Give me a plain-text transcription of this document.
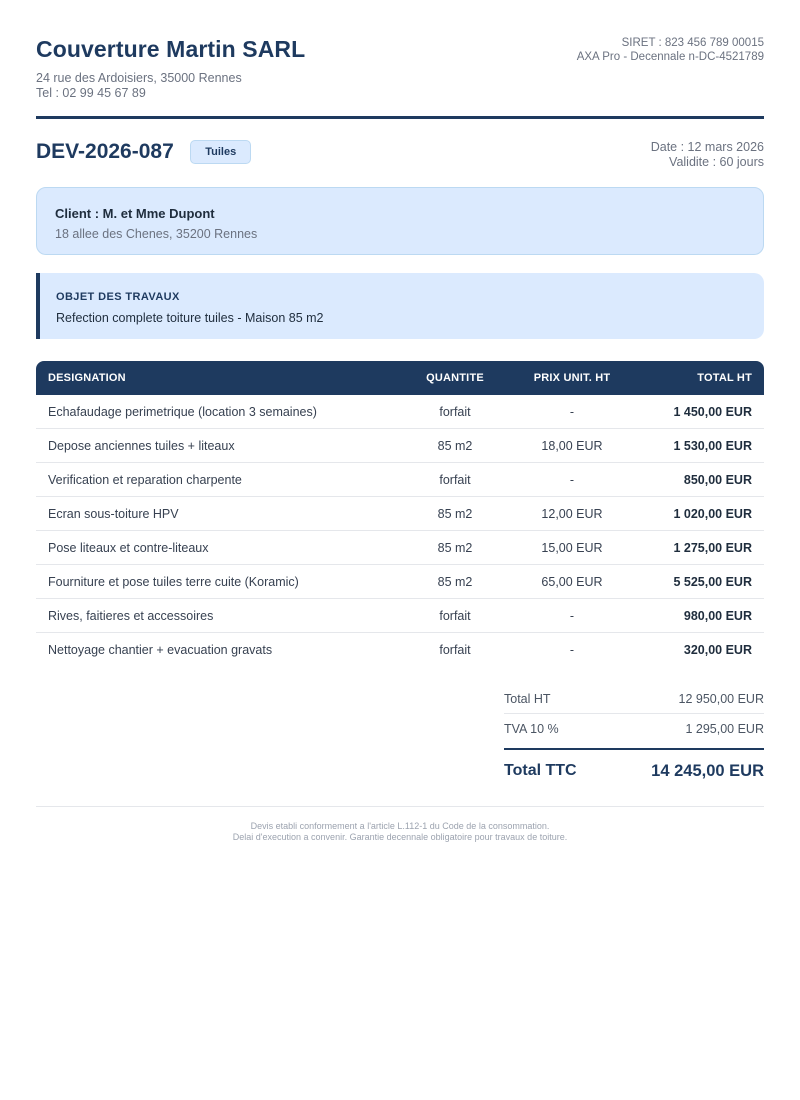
Couverture Martin SARL
24 rue des Ardoisiers, 35000 Rennes
Tel : 02 99 45 67 89
SIRET : 823 456 789 00015
AXA Pro - Decennale n-DC-4521789
DEV-2026-087	Tuiles	Date : 12 mars 2026
Validite : 60 jours
Client : M. et Mme Dupont
18 allee des Chenes, 35200 Rennes
OBJET DES TRAVAUX
Refection complete toiture tuiles - Maison 85 m2
DESIGNATION	QUANTITE	PRIX UNIT. HT	TOTAL HT
Echafaudage perimetrique (location 3 semaines)	forfait	-	1 450,00 EUR
Depose anciennes tuiles + liteaux	85 m2	18,00 EUR	1 530,00 EUR
Verification et reparation charpente	forfait	-	850,00 EUR
Ecran sous-toiture HPV	85 m2	12,00 EUR	1 020,00 EUR
Pose liteaux et contre-liteaux	85 m2	15,00 EUR	1 275,00 EUR
Fourniture et pose tuiles terre cuite (Koramic)	85 m2	65,00 EUR	5 525,00 EUR
Rives, faitieres et accessoires	forfait	-	980,00 EUR
Nettoyage chantier + evacuation gravats	forfait	-	320,00 EUR
Total HT	12 950,00 EUR
TVA 10 %	1 295,00 EUR
Total TTC	14 245,00 EUR
Devis etabli conformement a l'article L.112-1 du Code de la consommation.
Delai d'execution a convenir. Garantie decennale obligatoire pour travaux de toiture.
